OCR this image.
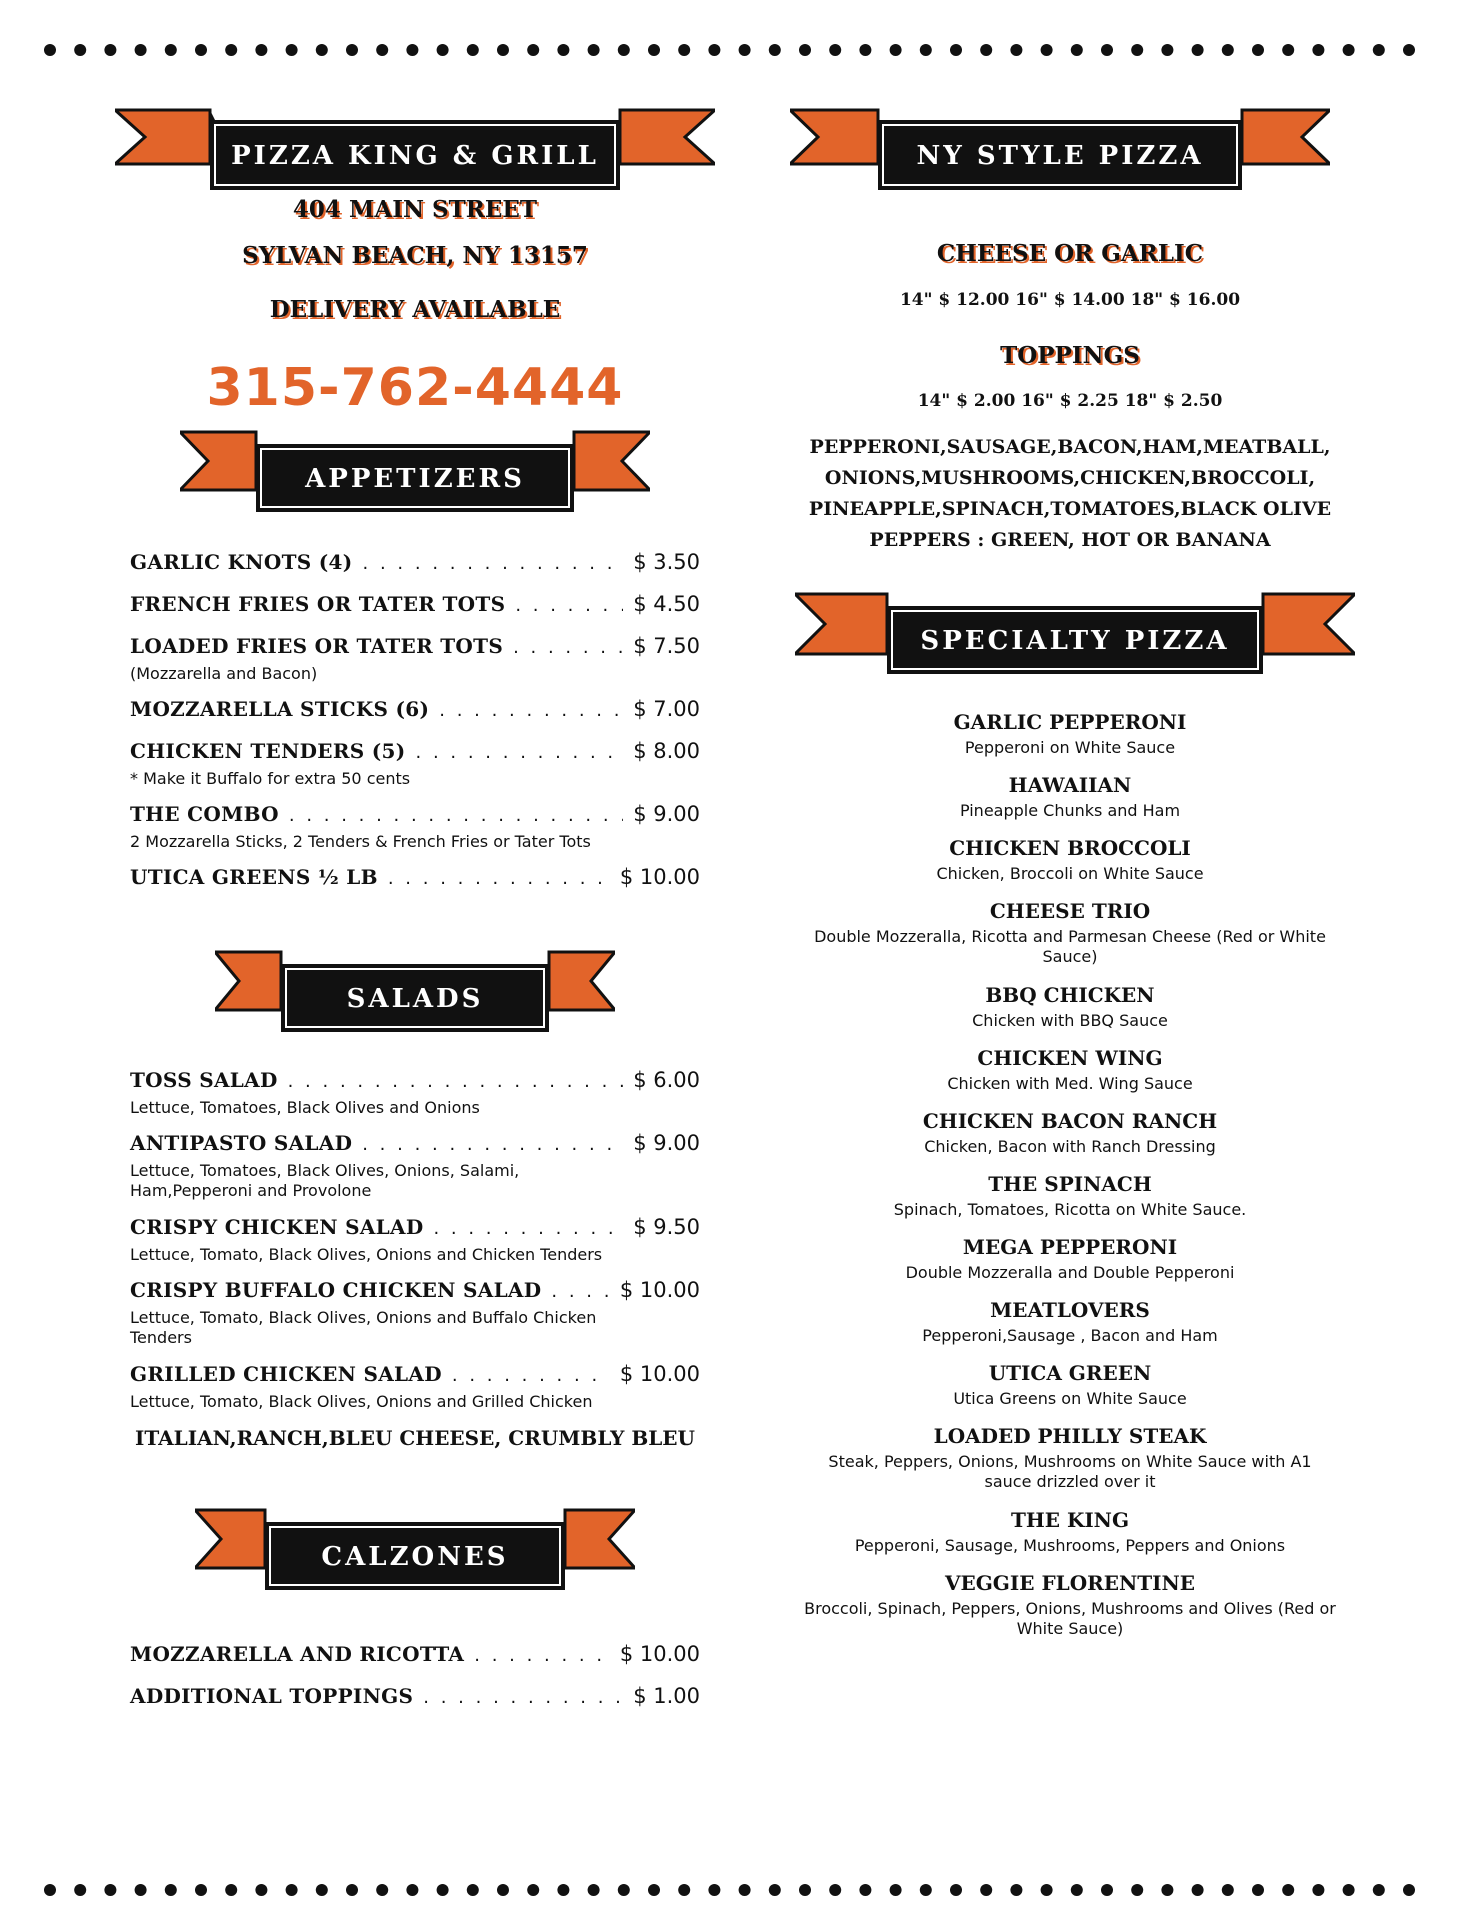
PIZZA KING & GRILL
404 MAIN STREET
SYLVAN BEACH, NY 13157
DELIVERY AVAILABLE
315-762-4444
APPETIZERS
GARLIC KNOTS (4) . . .	$ 3.50
FRENCH FRIES OR TATER TOTS . . .	$ 4.50
LOADED FRIES OR TATER TOTS . . .	$ 7.50
(Mozzarella and Bacon)
MOZZARELLA STICKS (6) . . .	$ 7.00
CHICKEN TENDERS (5) . . .	$ 8.00
* Make it Buffalo for extra 50 cents
THE COMBO . . .	$ 9.00
2 Mozzarella Sticks, 2 Tenders & French Fries or Tater Tots
UTICA GREENS ½ LB . . .	$ 10.00
SALADS
TOSS SALAD . . .	$ 6.00
Lettuce, Tomatoes, Black Olives and Onions
ANTIPASTO SALAD . . .	$ 9.00
Lettuce, Tomatoes, Black Olives, Onions, Salami, Ham,Pepperoni and Provolone
CRISPY CHICKEN SALAD . . .	$ 9.50
Lettuce, Tomato, Black Olives, Onions and Chicken Tenders
CRISPY BUFFALO CHICKEN SALAD . . .	$ 10.00
Lettuce, Tomato, Black Olives, Onions and Buffalo Chicken Tenders
GRILLED CHICKEN SALAD . . .	$ 10.00
Lettuce, Tomato, Black Olives, Onions and Grilled Chicken
ITALIAN,RANCH,BLEU CHEESE, CRUMBLY BLEU
CALZONES
MOZZARELLA AND RICOTTA . . .	$ 10.00
ADDITIONAL TOPPINGS . . .	$ 1.00
NY STYLE PIZZA
CHEESE OR GARLIC
14" $ 12.00 16" $ 14.00 18" $ 16.00
TOPPINGS
14" $ 2.00 16" $ 2.25 18" $ 2.50
PEPPERONI,SAUSAGE,BACON,HAM,MEATBALL,
ONIONS,MUSHROOMS,CHICKEN,BROCCOLI,
PINEAPPLE,SPINACH,TOMATOES,BLACK OLIVE
PEPPERS : GREEN, HOT OR BANANA
SPECIALTY PIZZA
GARLIC PEPPERONI
Pepperoni on White Sauce
HAWAIIAN
Pineapple Chunks and Ham
CHICKEN BROCCOLI
Chicken, Broccoli on White Sauce
CHEESE TRIO
Double Mozzeralla, Ricotta and Parmesan Cheese (Red or White Sauce)
BBQ CHICKEN
Chicken with BBQ Sauce
CHICKEN WING
Chicken with Med. Wing Sauce
CHICKEN BACON RANCH
Chicken, Bacon with Ranch Dressing
THE SPINACH
Spinach, Tomatoes, Ricotta on White Sauce.
MEGA PEPPERONI
Double Mozzeralla and Double Pepperoni
MEATLOVERS
Pepperoni,Sausage , Bacon and Ham
UTICA GREEN
Utica Greens on White Sauce
LOADED PHILLY STEAK
Steak, Peppers, Onions, Mushrooms on White Sauce with A1 sauce drizzled over it
THE KING
Pepperoni, Sausage, Mushrooms, Peppers and Onions
VEGGIE FLORENTINE
Broccoli, Spinach, Peppers, Onions, Mushrooms and Olives (Red or White Sauce)
